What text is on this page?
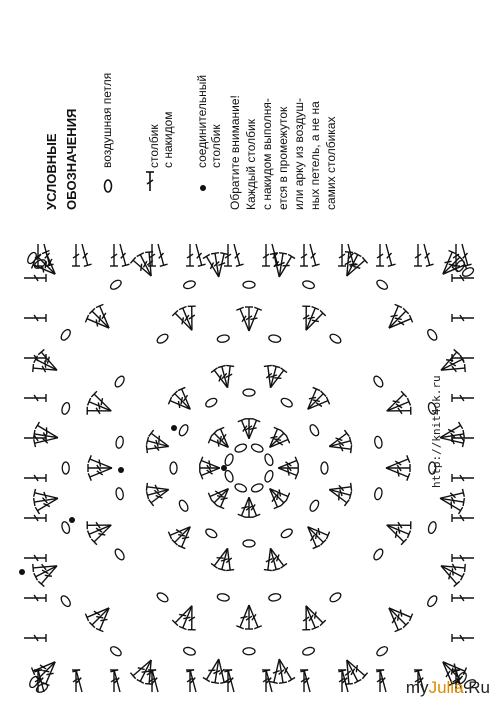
УСЛОВНЫЕ ОБОЗНАЧЕНИЯ воздушная петля	столбик с накидом соединительный столбик Обратите внимание! Каждый столбик с накидом выполня- ется в промежуток или арку из воздуш- ных петель, а не на самих столбиках
http://knit4ok.ru
myJulia.Ru
